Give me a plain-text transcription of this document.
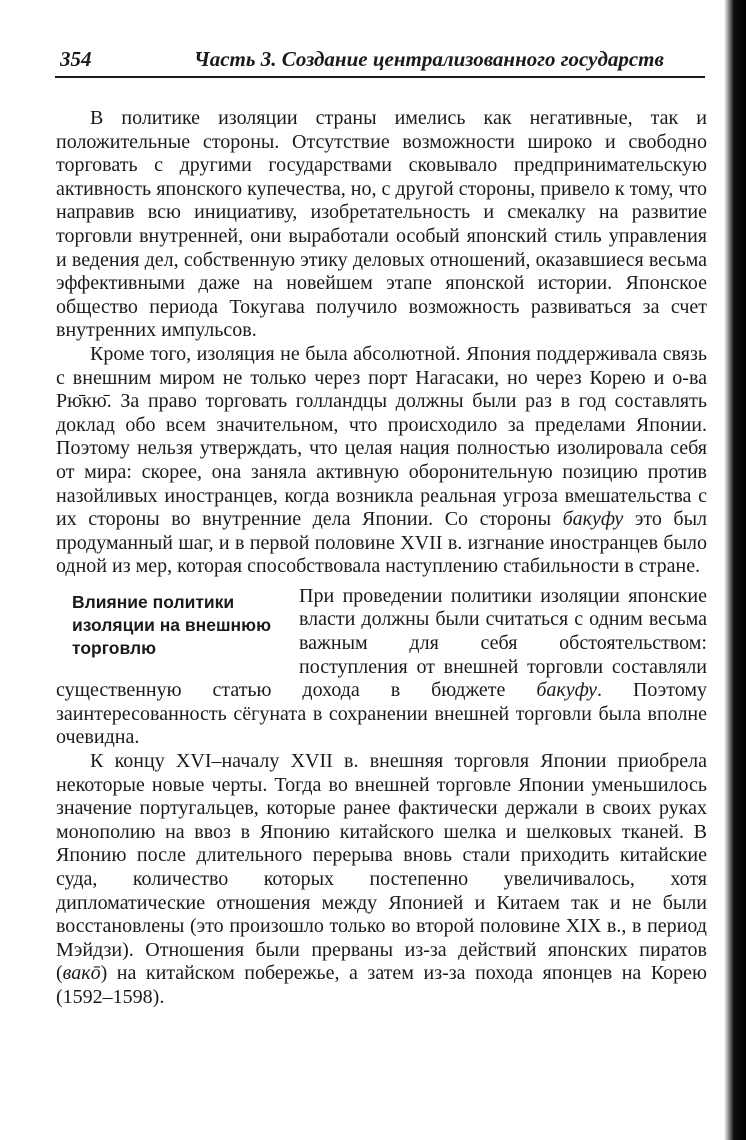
354	Часть 3. Создание централизованного государств

В политике изоляции страны имелись как негативные, так и положительные стороны. Отсутствие возможности широко и свободно торговать с другими государствами сковывало предпринимательскую активность японского купечества, но, с другой стороны, привело к тому, что направив всю инициативу, изобретательность и смекалку на развитие торговли внутренней, они выработали особый японский стиль управления и ведения дел, собственную этику деловых отношений, оказавшиеся весьма эффективными даже на новейшем этапе японской истории. Японское общество периода Токугава получило возможность развиваться за счет внутренних импульсов.

Кроме того, изоляция не была абсолютной. Япония поддерживала связь с внешним миром не только через порт Нагасаки, но через Корею и о-ва Рю̄кю̄. За право торговать голландцы должны были раз в год составлять доклад обо всем значительном, что происходило за пределами Японии. Поэтому нельзя утверждать, что целая нация полностью изолировала себя от мира: скорее, она заняла активную оборонительную позицию против назойливых иностранцев, когда возникла реальная угроза вмешательства с их стороны во внутренние дела Японии. Со стороны бакуфу это был продуманный шаг, и в первой половине XVII в. изгнание иностранцев было одной из мер, которая способствовала наступлению стабильности в стране.

Влияние политики изоляции на внешнюю торговлю
При проведении политики изоляции японские власти должны были считаться с одним весьма важным для себя обстоятельством: поступления от внешней торговли составляли существенную статью дохода в бюджете бакуфу. Поэтому заинтересованность сёгуната в сохранении внешней торговли была вполне очевидна.

К концу XVI–началу XVII в. внешняя торговля Японии приобрела некоторые новые черты. Тогда во внешней торговле Японии уменьшилось значение португальцев, которые ранее фактически держали в своих руках монополию на ввоз в Японию китайского шелка и шелковых тканей. В Японию после длительного перерыва вновь стали приходить китайские суда, количество которых постепенно увеличивалось, хотя дипломатические отношения между Японией и Китаем так и не были восстановлены (это произошло только во второй половине XIX в., в период Мэйдзи). Отношения были прерваны из-за действий японских пиратов (вакō) на китайском побережье, а затем из-за похода японцев на Корею (1592–1598).
